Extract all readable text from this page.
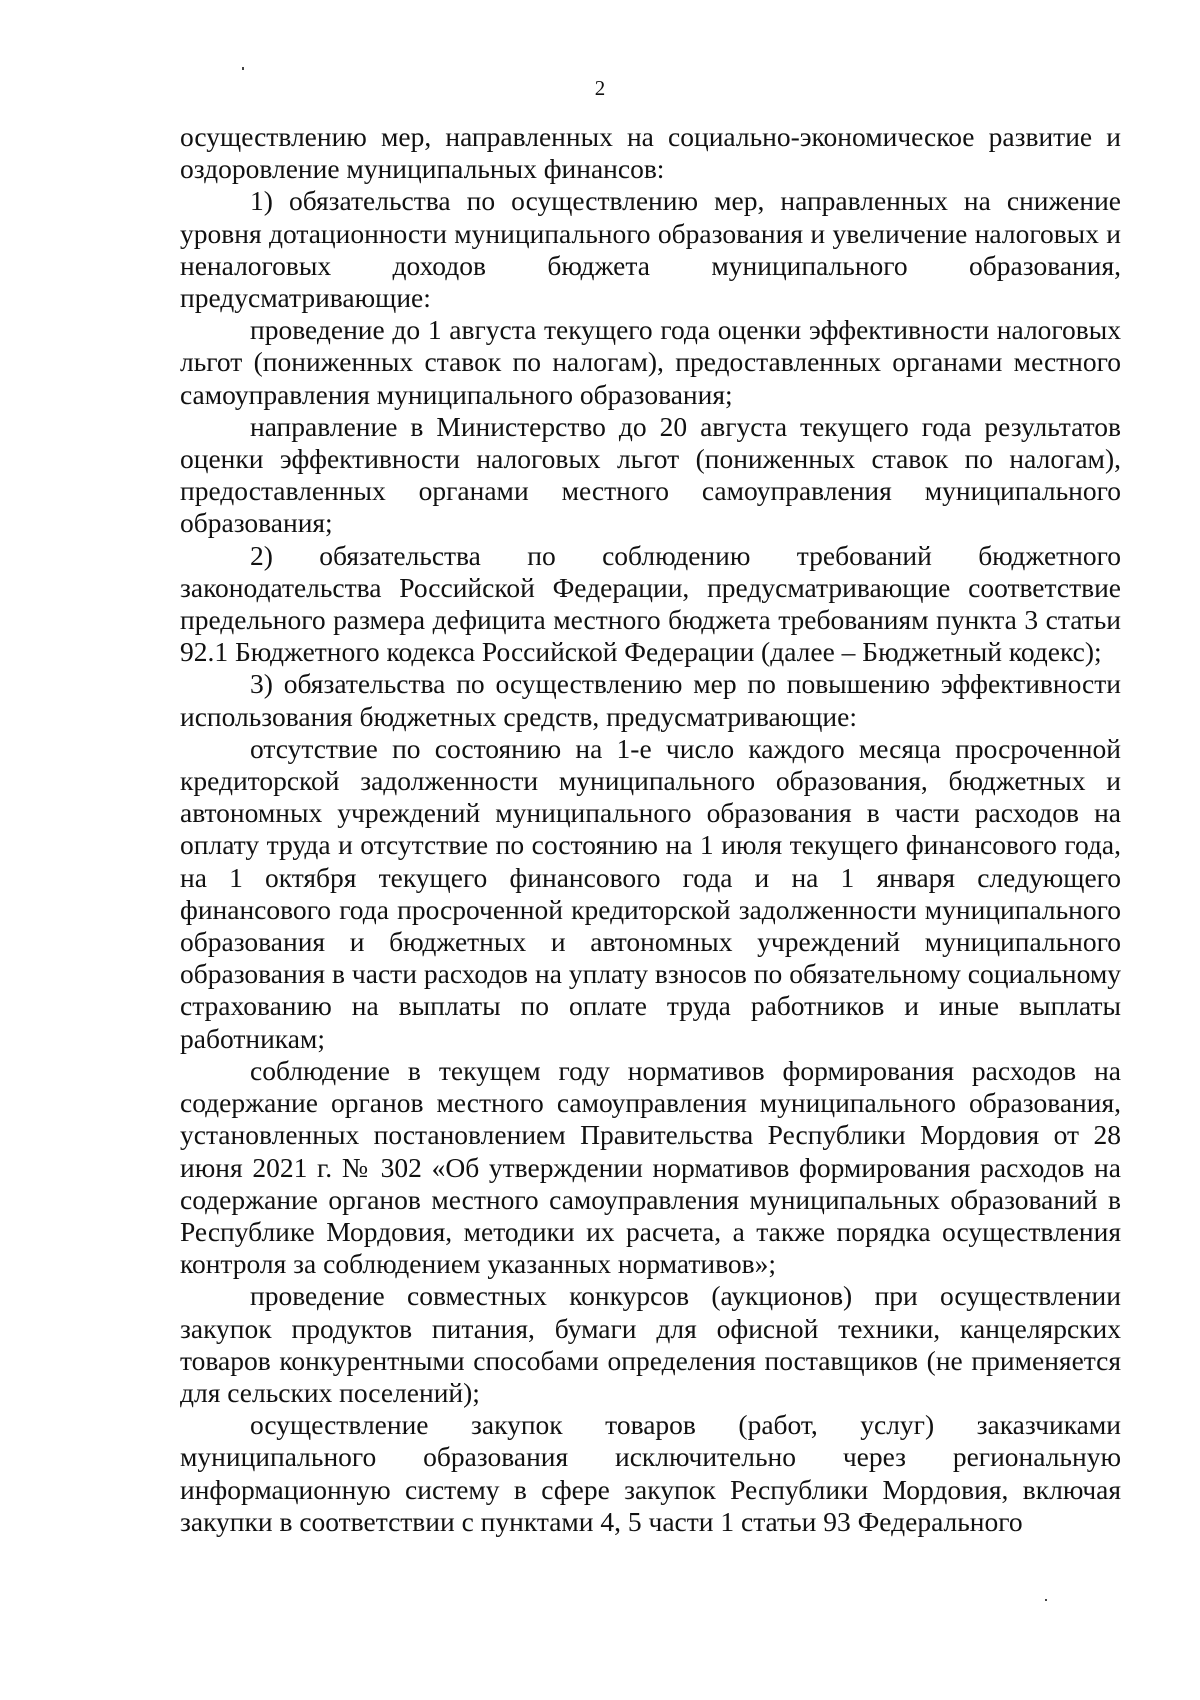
2

осуществлению мер, направленных на социально-экономическое развитие и оздоровление муниципальных финансов:

1) обязательства по осуществлению мер, направленных на снижение уровня дотационности муниципального образования и увеличение налоговых и неналоговых доходов бюджета муниципального образования, предусматривающие:

проведение до 1 августа текущего года оценки эффективности налоговых льгот (пониженных ставок по налогам), предоставленных органами местного самоуправления муниципального образования;

направление в Министерство до 20 августа текущего года результатов оценки эффективности налоговых льгот (пониженных ставок по налогам), предоставленных органами местного самоуправления муниципального образования;

2) обязательства по соблюдению требований бюджетного законодательства Российской Федерации, предусматривающие соответствие предельного размера дефицита местного бюджета требованиям пункта 3 статьи 92.1 Бюджетного кодекса Российской Федерации (далее – Бюджетный кодекс);

3) обязательства по осуществлению мер по повышению эффективности использования бюджетных средств, предусматривающие:

отсутствие по состоянию на 1-е число каждого месяца просроченной кредиторской задолженности муниципального образования, бюджетных и автономных учреждений муниципального образования в части расходов на оплату труда и отсутствие по состоянию на 1 июля текущего финансового года, на 1 октября текущего финансового года и на 1 января следующего финансового года просроченной кредиторской задолженности муниципального образования и бюджетных и автономных учреждений муниципального образования в части расходов на уплату взносов по обязательному социальному страхованию на выплаты по оплате труда работников и иные выплаты работникам;

соблюдение в текущем году нормативов формирования расходов на содержание органов местного самоуправления муниципального образования, установленных постановлением Правительства Республики Мордовия от 28 июня 2021 г. № 302 «Об утверждении нормативов формирования расходов на содержание органов местного самоуправления муниципальных образований в Республике Мордовия, методики их расчета, а также порядка осуществления контроля за соблюдением указанных нормативов»;

проведение совместных конкурсов (аукционов) при осуществлении закупок продуктов питания, бумаги для офисной техники, канцелярских товаров конкурентными способами определения поставщиков (не применяется для сельских поселений);

осуществление закупок товаров (работ, услуг) заказчиками муниципального образования исключительно через региональную информационную систему в сфере закупок Республики Мордовия, включая закупки в соответствии с пунктами 4, 5 части 1 статьи 93 Федерального
